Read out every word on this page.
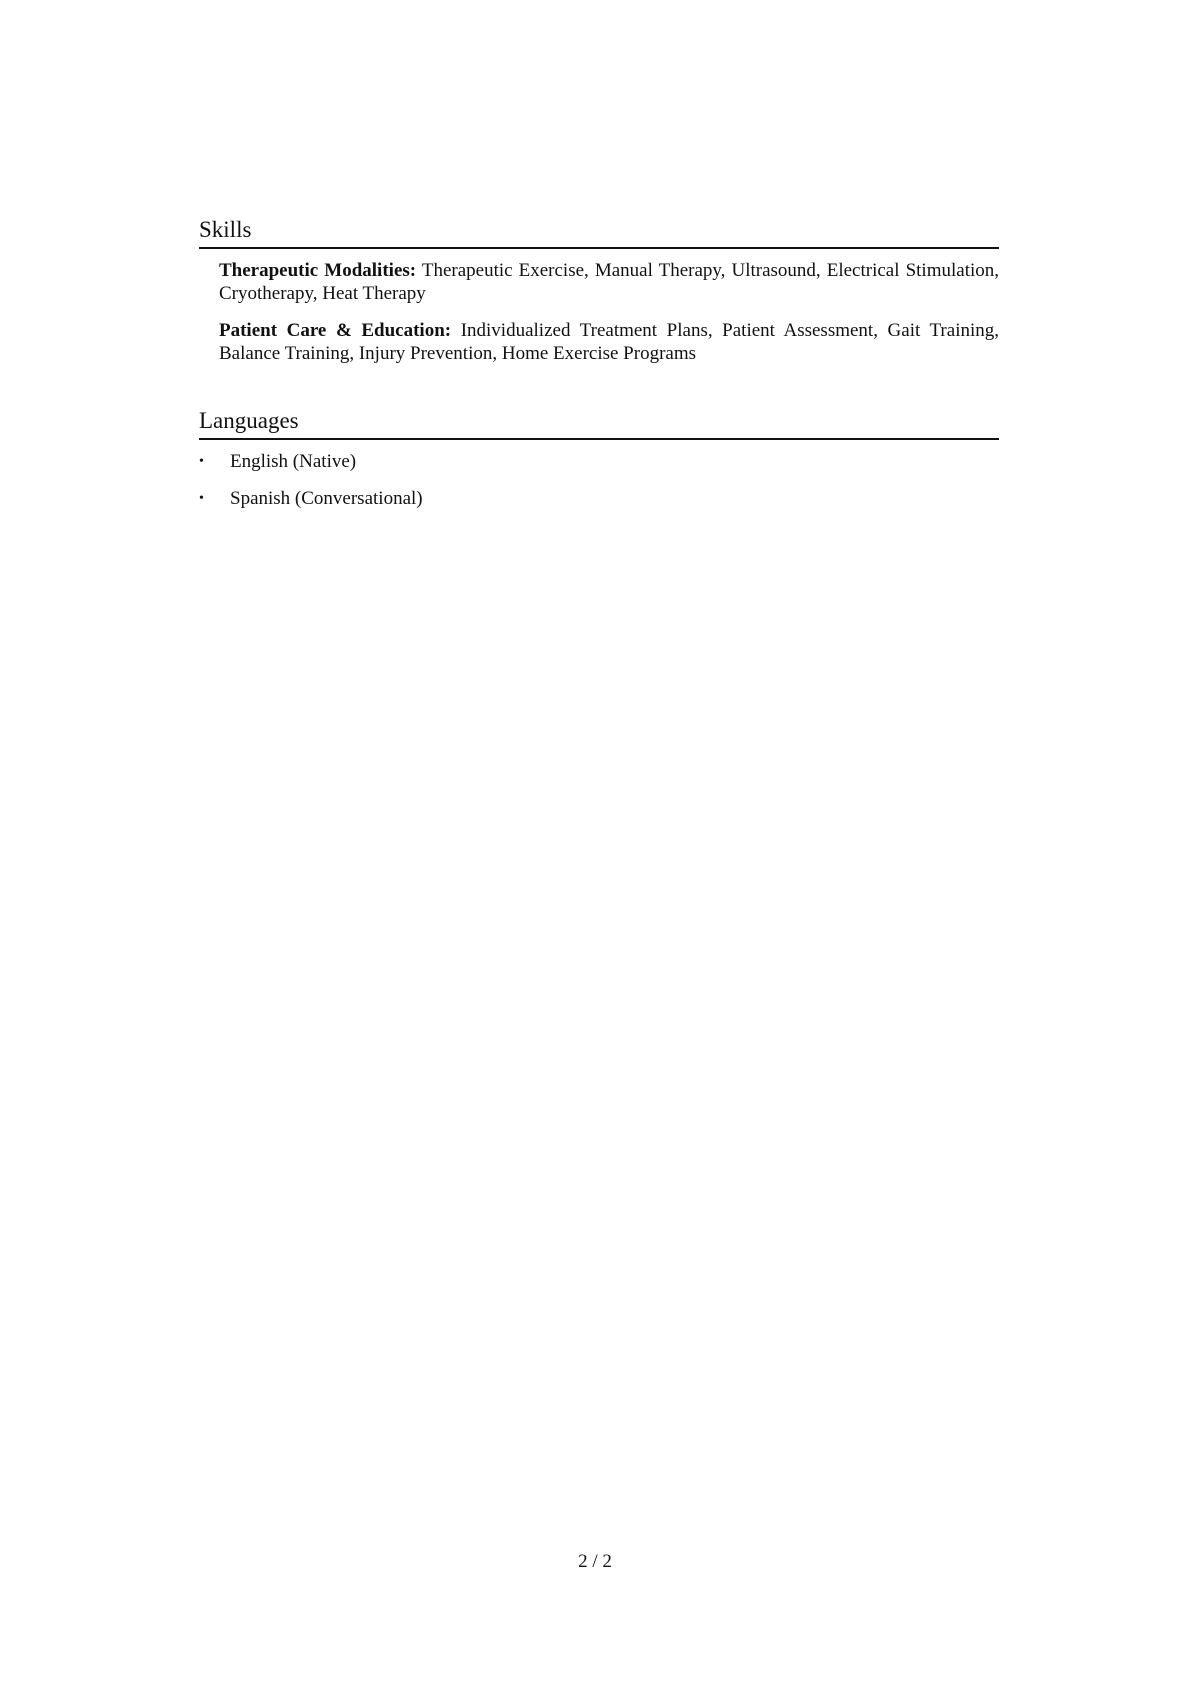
Skills

Therapeutic Modalities: Therapeutic Exercise, Manual Therapy, Ultrasound, Electrical Stimulation, Cryotherapy, Heat Therapy

Patient Care & Education: Individualized Treatment Plans, Patient Assessment, Gait Training, Balance Training, Injury Prevention, Home Exercise Programs

Languages
•	English (Native)
•	Spanish (Conversational)
2 / 2
